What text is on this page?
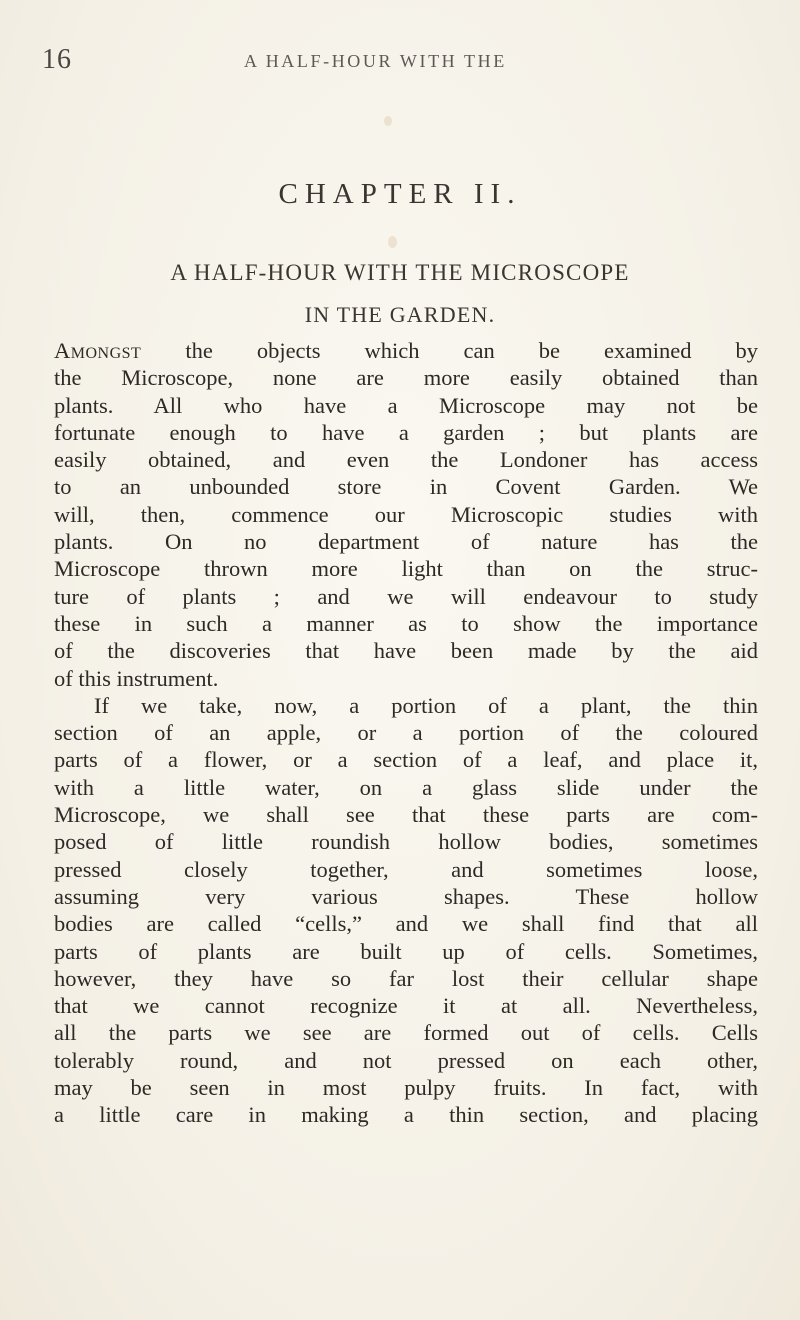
16	A HALF-HOUR WITH THE
CHAPTER II.
A HALF-HOUR WITH THE MICROSCOPE
IN THE GARDEN.
Amongst the objects which can be examined by
the Microscope, none are more easily obtained than
plants. All who have a Microscope may not be
fortunate enough to have a garden ; but plants are
easily obtained, and even the Londoner has access
to an unbounded store in Covent Garden. We
will, then, commence our Microscopic studies with
plants. On no department of nature has the
Microscope thrown more light than on the struc-
ture of plants ; and we will endeavour to study
these in such a manner as to show the importance
of the discoveries that have been made by the aid
of this instrument.
If we take, now, a portion of a plant, the thin
section of an apple, or a portion of the coloured
parts of a flower, or a section of a leaf, and place it,
with a little water, on a glass slide under the
Microscope, we shall see that these parts are com-
posed of little roundish hollow bodies, sometimes
pressed closely together, and sometimes loose,
assuming very various shapes. These hollow
bodies are called “cells,” and we shall find that all
parts of plants are built up of cells. Sometimes,
however, they have so far lost their cellular shape
that we cannot recognize it at all. Nevertheless,
all the parts we see are formed out of cells. Cells
tolerably round, and not pressed on each other,
may be seen in most pulpy fruits. In fact, with
a little care in making a thin section, and placing
